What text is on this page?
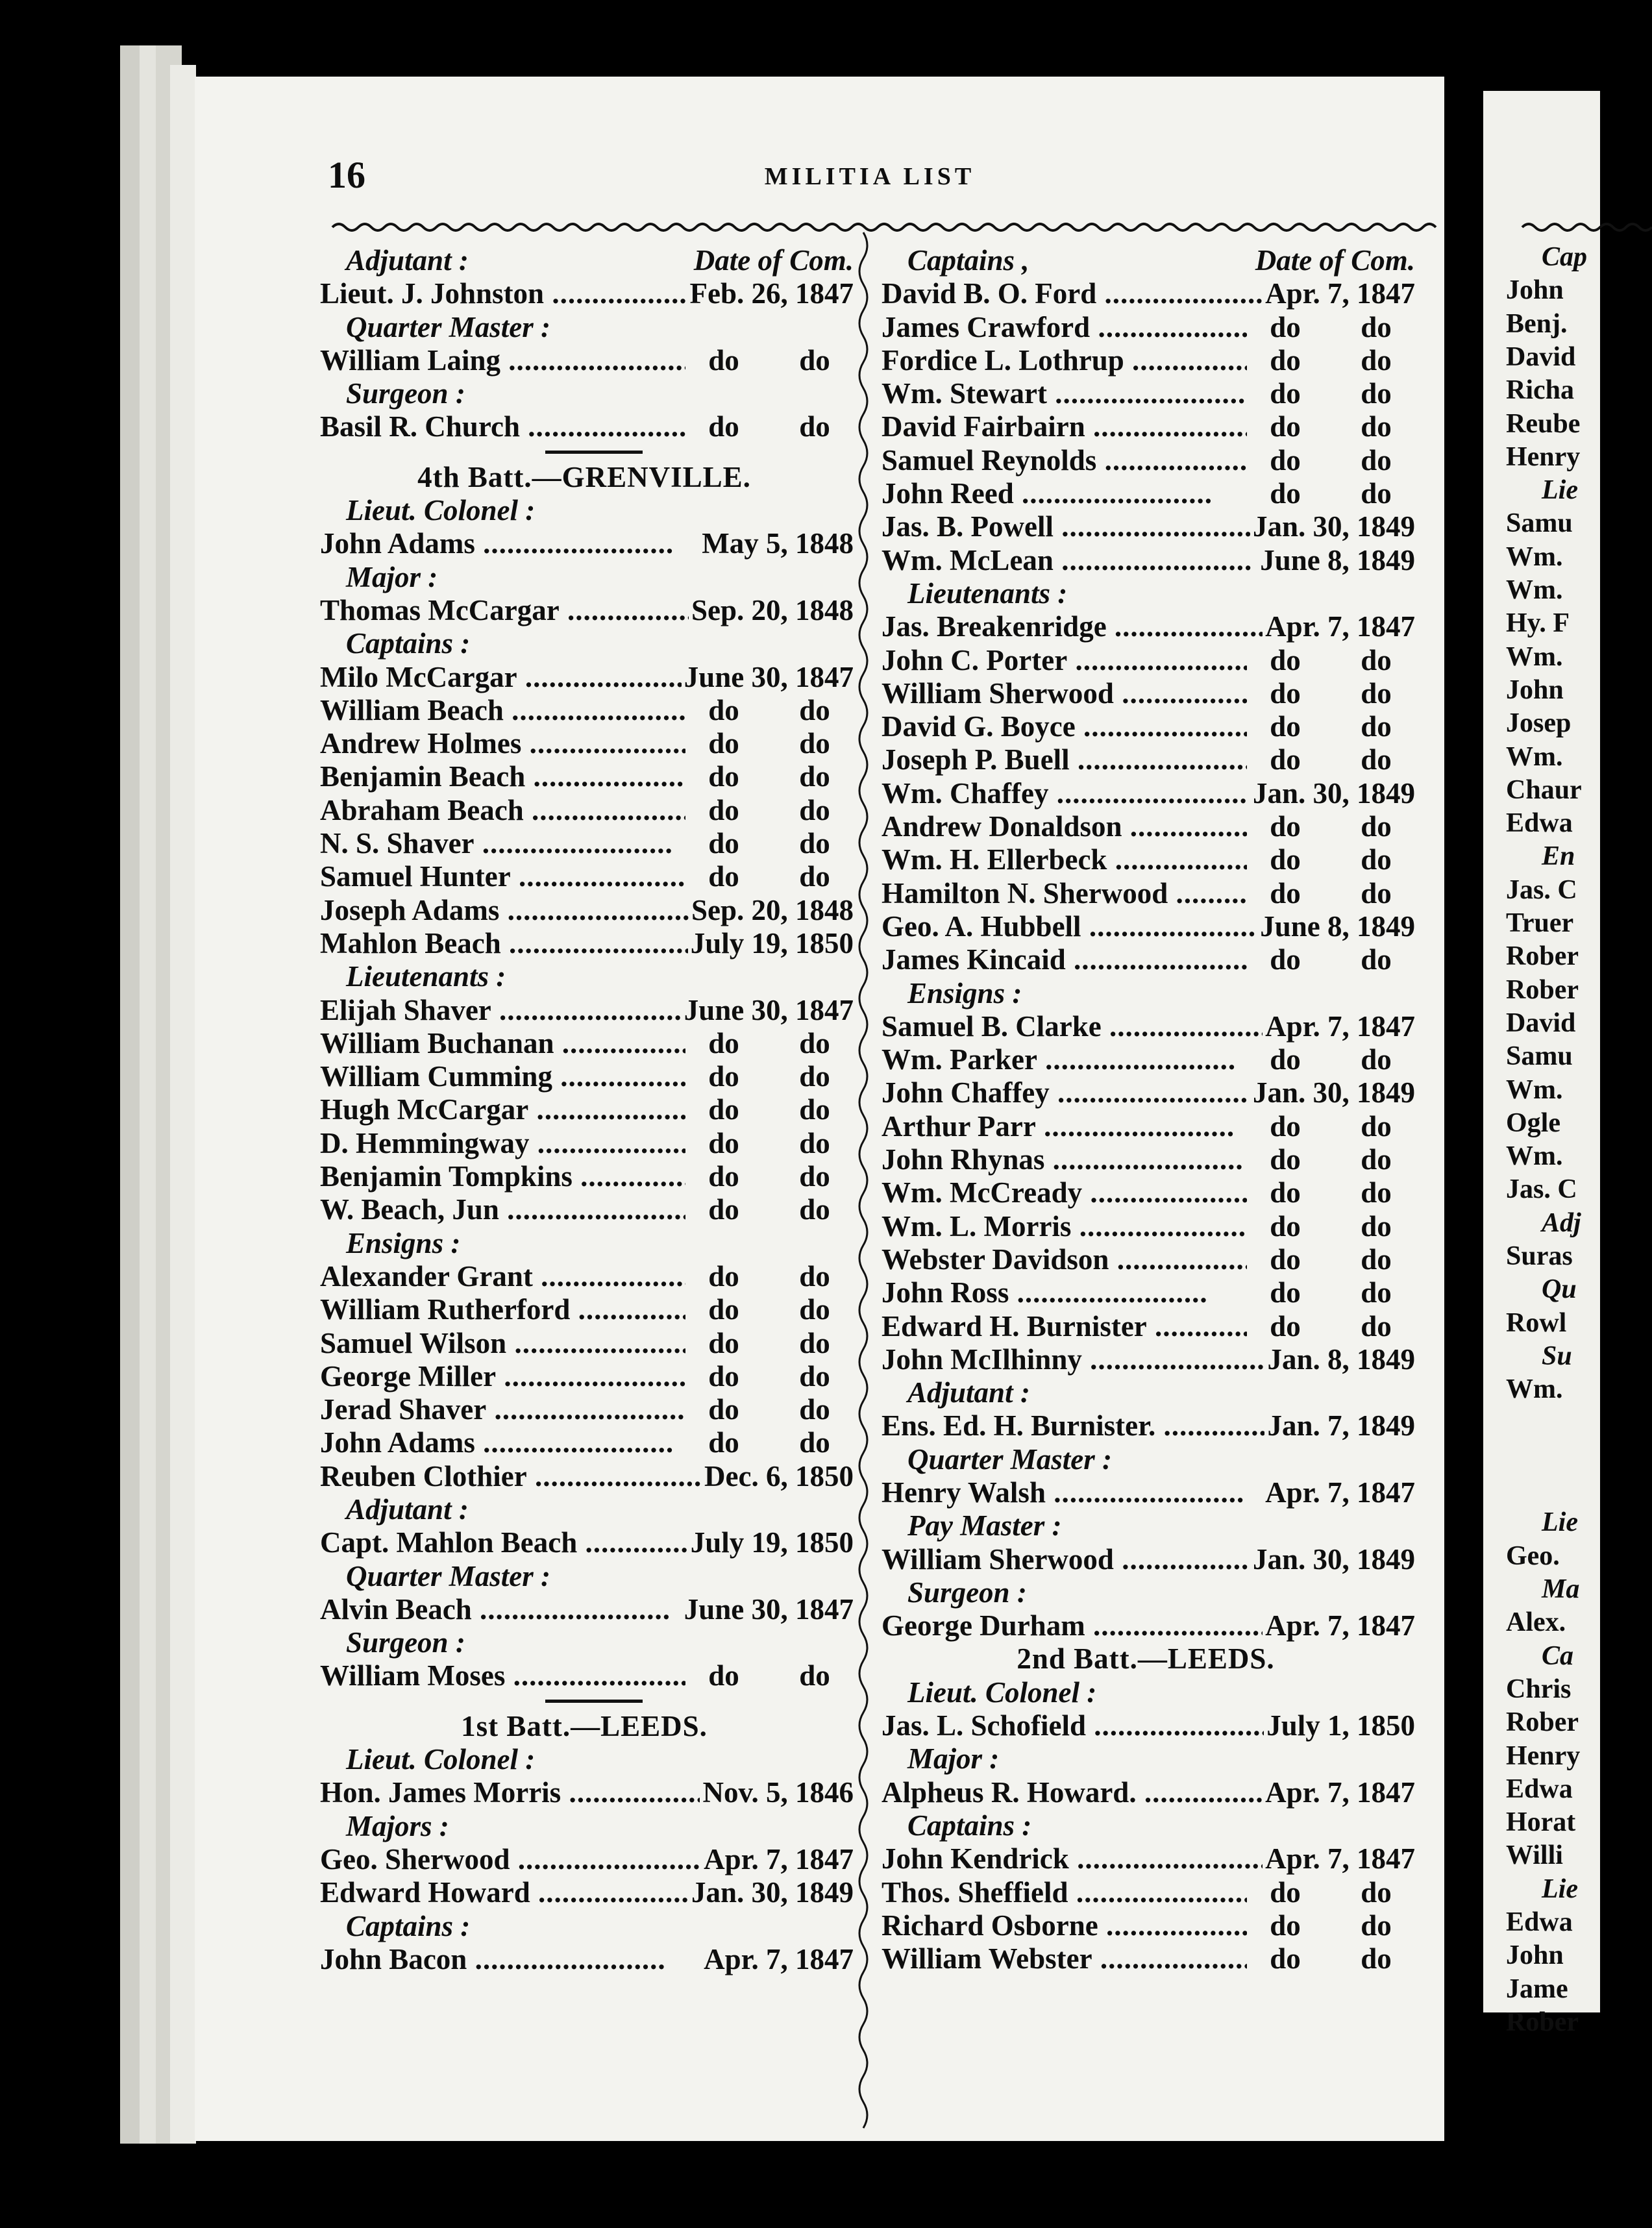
16	MILITIA LIST
Adjutant :	Date of Com.
Lieut. J. Johnston .....	Feb. 26, 1847
Quarter Master :
William Laing .....	do	do
Surgeon :
Basil R. Church .....	do	do
4th Batt.—GRENVILLE.
Lieut. Colonel :
John Adams .....	May 5, 1848
Major :
Thomas McCargar .....	Sep. 20, 1848
Captains :
Milo McCargar .....	June 30, 1847
William Beach .....	do	do
Andrew Holmes .....	do	do
Benjamin Beach .....	do	do
Abraham Beach .....	do	do
N. S. Shaver .....	do	do
Samuel Hunter .....	do	do
Joseph Adams .....	Sep. 20, 1848
Mahlon Beach .....	July 19, 1850
Lieutenants :
Elijah Shaver .....	June 30, 1847
William Buchanan .....	do	do
William Cumming .....	do	do
Hugh McCargar .....	do	do
D. Hemmingway .....	do	do
Benjamin Tompkins .....	do	do
W. Beach, Jun .....	do	do
Ensigns :
Alexander Grant .....	do	do
William Rutherford .....	do	do
Samuel Wilson .....	do	do
George Miller .....	do	do
Jerad Shaver .....	do	do
John Adams .....	do	do
Reuben Clothier .....	Dec. 6, 1850
Adjutant :
Capt. Mahlon Beach .....	July 19, 1850
Quarter Master :
Alvin Beach .....	June 30, 1847
Surgeon :
William Moses .....	do	do
1st Batt.—LEEDS.
Lieut. Colonel :
Hon. James Morris .....	Nov. 5, 1846
Majors :
Geo. Sherwood .....	Apr. 7, 1847
Edward Howard .....	Jan. 30, 1849
Captains :
John Bacon .....	Apr. 7, 1847
Captains ,	Date of Com.
David B. O. Ford .....	Apr. 7, 1847
James Crawford .....	do	do
Fordice L. Lothrup .....	do	do
Wm. Stewart .....	do	do
David Fairbairn .....	do	do
Samuel Reynolds .....	do	do
John Reed .....	do	do
Jas. B. Powell .....	Jan. 30, 1849
Wm. McLean .....	June 8, 1849
Lieutenants :
Jas. Breakenridge .....	Apr. 7, 1847
John C. Porter .....	do	do
William Sherwood .....	do	do
David G. Boyce .....	do	do
Joseph P. Buell .....	do	do
Wm. Chaffey .....	Jan. 30, 1849
Andrew Donaldson .....	do	do
Wm. H. Ellerbeck .....	do	do
Hamilton N. Sherwood .....	do	do
Geo. A. Hubbell .....	June 8, 1849
James Kincaid .....	do	do
Ensigns :
Samuel B. Clarke .....	Apr. 7, 1847
Wm. Parker .....	do	do
John Chaffey .....	Jan. 30, 1849
Arthur Parr .....	do	do
John Rhynas .....	do	do
Wm. McCready .....	do	do
Wm. L. Morris .....	do	do
Webster Davidson .....	do	do
John Ross .....	do	do
Edward H. Burnister .....	do	do
John McIlhinny .....	Jan. 8, 1849
Adjutant :
Ens. Ed. H. Burnister. .....	Jan. 7, 1849
Quarter Master :
Henry Walsh .....	Apr. 7, 1847
Pay Master :
William Sherwood .....	Jan. 30, 1849
Surgeon :
George Durham .....	Apr. 7, 1847
2nd Batt.—LEEDS.
Lieut. Colonel :
Jas. L. Schofield .....	July 1, 1850
Major :
Alpheus R. Howard. .....	Apr. 7, 1847
Captains :
John Kendrick .....	Apr. 7, 1847
Thos. Sheffield .....	do	do
Richard Osborne .....	do	do
William Webster .....	do	do
Cap
John
Benj.
David
Richa
Reube
Henry
Lie
Samu
Wm.
Wm.
Hy. F
Wm.
John
Josep
Wm.
Chaur
Edwa
En
Jas. C
Truer
Rober
Rober
David
Samu
Wm.
Ogle
Wm.
Jas. C
Adj
Suras
Qu
Rowl
Su
Wm.
Lie
Geo.
Ma
Alex.
Ca
Chris
Rober
Henry
Edwa
Horat
Willi
Lie
Edwa
John
Jame
Rober
